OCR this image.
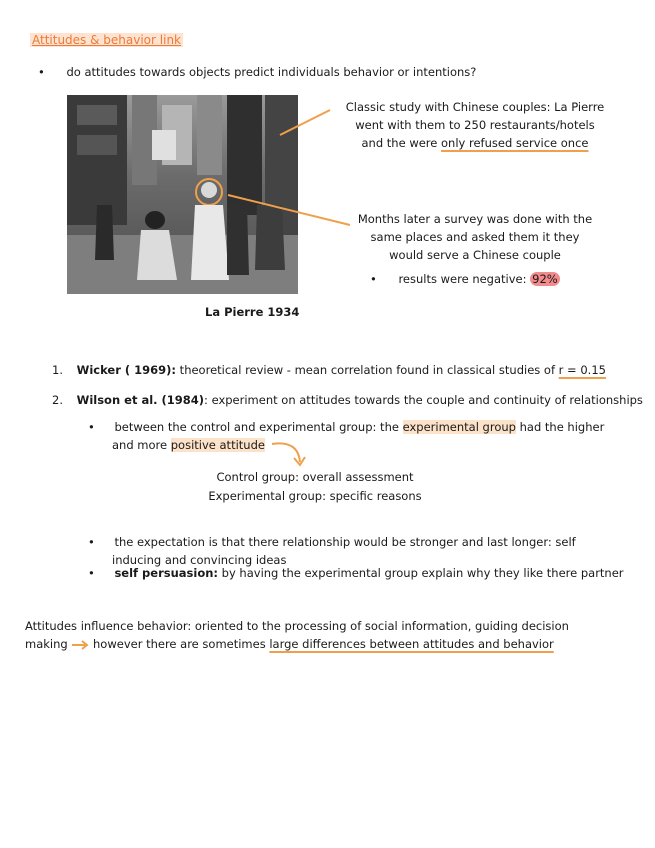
Attitudes & behavior link
• do attitudes towards objects predict individuals behavior or intentions?
La Pierre 1934
Classic study with Chinese couples: La Pierre
went with them to 250 restaurants/hotels
and the were only refused service once
Months later a survey was done with the
same places and asked them it they
would serve a Chinese couple
• results were negative: 92%
1. Wicker ( 1969): theoretical review - mean correlation found in classical studies of r = 0.15
2. Wilson et al. (1984): experiment on attitudes towards the couple and continuity of relationships
• between the control and experimental group: the experimental group had the higher
and more positive attitude
Control group: overall assessment
Experimental group: specific reasons
• the expectation is that there relationship would be stronger and last longer: self
inducing and convincing ideas
• self persuasion: by having the experimental group explain why they like there partner
Attitudes influence behavior: oriented to the processing of social information, guiding decision
making  however there are sometimes large differences between attitudes and behavior
